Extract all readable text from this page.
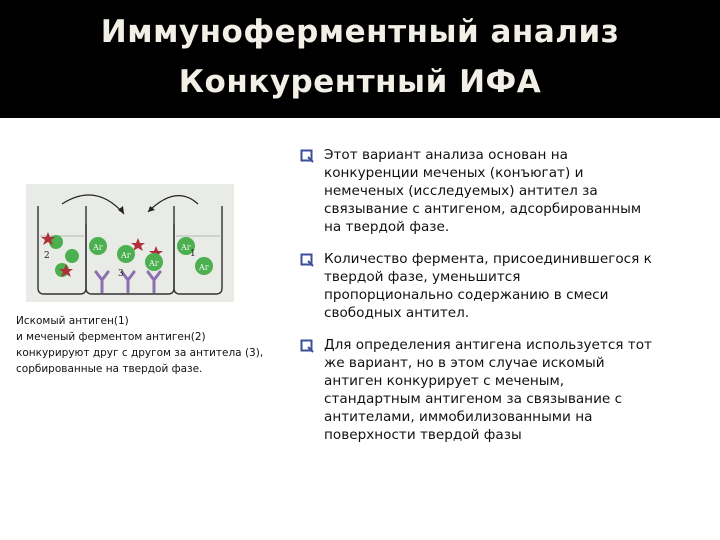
Иммуноферментный анализ
Конкурентный ИФА
Аг
Аг
Аг
Аг
Аг
1
2
3
Искомый антиген(1)
и меченый ферментом антиген(2)
конкурируют друг с другом за антитела (3),
сорбированные на твердой фазе.
Этот вариант анализа основан на
конкуренции меченых (конъюгат) и
немеченых (исследуемых) антител за
связывание с антигеном, адсорбированным
на твердой фазе.
Количество фермента, присоединившегося к
твердой фазе, уменьшится
пропорционально содержанию в смеси
свободных антител.
Для определения антигена используется тот
же вариант, но в этом случае искомый
антиген конкурирует с меченым,
стандартным антигеном за связывание с
антителами, иммобилизованными на
поверхности твердой фазы
